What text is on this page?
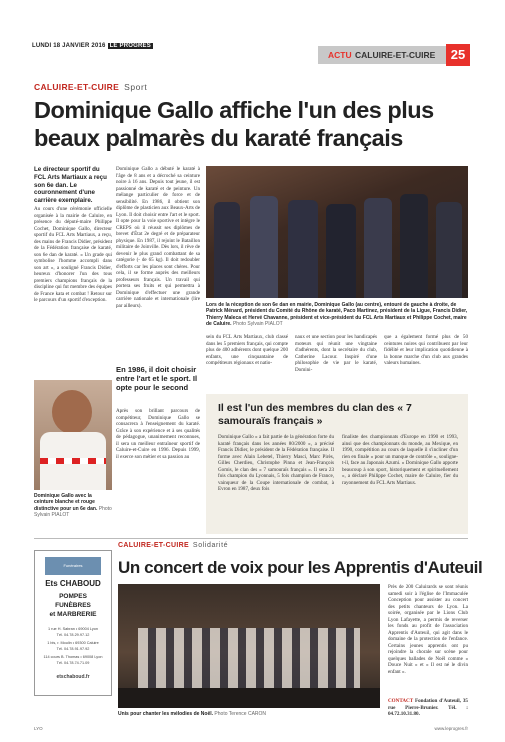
LUNDI 18 JANVIER 2016 LE PROGRÈS
ACTU CALUIRE-ET-CUIRE	25
CALUIRE-ET-CUIRE Sport
Dominique Gallo affiche l'un des plus beaux palmarès du karaté français
Le directeur sportif du FCL Arts Martiaux a reçu son 6e dan. Le couronnement d'une carrière exemplaire.
Au cours d'une cérémonie officielle organisée à la mairie de Caluire, en présence du député-maire Philippe Cochet, Dominique Gallo, directeur sportif du FCL Arts Martiaux, a reçu, des mains de Francis Didier, président de la Fédération française de karaté, son 6e dan de karaté. « Un grade qui symbolise l'homme accompli dans son art », a souligné Francis Didier, heureux d'honorer l'un des tous premiers champions français de la discipline qui fut membre des équipes de France kata et combat ! Retour sur le parcours d'un sportif d'exception.
Dominique Gallo avec la ceinture blanche et rouge distinctive pour un 6e dan. Photo Sylvain PIALOT
Dominique Gallo a débuté le karaté à l'âge de 8 ans et a décroché sa ceinture noire à 16 ans. Depuis tout jeune, il est passionné de karaté et de peinture. Un mélange particulier de force et de sensibilité. En 1986, il obtient son diplôme de plasticien aux Beaux-Arts de Lyon. Il doit choisir entre l'art et le sport. Il opte pour la voie sportive et intègre le CREPS où il réussit ses diplômes de brevet d'État 2e degré et de préparateur physique. En 1987, il rejoint le Bataillon militaire de Joinville. Dès lors, il rêve de devenir le plus grand combattant de sa catégorie (- de 65 kg). Il doit redoubler d'efforts car les places sont chères. Pour cela, il se forme auprès des meilleurs professeurs français. Un travail qui portera ses fruits et qui permettra à Dominique d'effectuer une grande carrière nationale et internationale (lire par ailleurs).
En 1986, il doit choisir entre l'art et le sport. Il opte pour le second
Après son brillant parcours de compétiteur, Dominique Gallo se consacrera à l'enseignement du karaté. Grâce à son expérience et à ses qualités de pédagogue, unanimement reconnues, il sera un meilleur entraîneur sportif de Caluire-et-Cuire en 1996. Depuis 1999, il exerce son métier et sa passion au
Lors de la réception de son 6e dan en mairie, Dominique Gallo (au centre), entouré de gauche à droite, de Patrick Ménard, président du Comité du Rhône de karaté, Paco Martinez, président de la Ligue, Francis Didier, Thierry Maleca et Hervé Chavanne, président et vice-président du FCL Arts Martiaux et Philippe Cochet, maire de Caluire. Photo Sylvain PIALOT
sein du FCL Arts Martiaux, club classé dans les 5 premiers français, qui compte plus de 400 adhérents dont quelque 200 enfants, une cinquantaine de compétiteurs régionaux et natio-
naux et une section pour les handicapés moteurs qui réunit une vingtaine d'adhérents, dont la secrétaire du club, Catherine Lacour. Inspiré d'une philosophie de vie par le karaté, Domini-
que a également formé plus de 50 ceintures noires qui contribuent par leur fidélité et leur implication quotidienne à la bonne marche d'un club aux grandes valeurs humaines.
Il est l'un des membres du clan des « 7 samouraïs français »
Dominique Gallo « a fait partie de la génération forte du karaté français dans les années 80/2000 », a précisé Francis Didier, le président de la Fédération française. Il forme avec Alain Lebetel, Thierry Masci, Marc Pirès, Gilles Cherdieu, Christophe Pinna et Jean-François Gomis, le clan des « 7 samouraïs français ». Il sera 23 fois champion du Lyonnais, 5 fois champion de France, vainqueur de la Coupe internationale de combat, à Evron en 1987, deux fois
finaliste des championnats d'Europe en 1990 et 1993, ainsi que des championnats du monde, au Mexique, en 1990, compétition au cours de laquelle il s'incliner d'un rien en finale « pour un manque de contrôle », souligne-t-il, face au Japonais Azumi. « Dominique Gallo apporte beaucoup à son sport, historiquement et spirituellement », a déclaré Philippe Cochet, maire de Caluire, fier du rayonnement du FCL Arts Martiaux.
Funéraires
Ets CHABOUD
POMPES
FUNÈBRES
et MARBRERIE
1 rue H. Sabran • 69004 Lyon
Tél. 04.78.29.97.12
1 bis, r. Moulin • 69300 Caluire
Tél. 04.78.91.97.92
114 cours B. Thomas • 69008 Lyon
Tél. 04.78.74.71.09
etschaboud.fr
CALUIRE-ET-CUIRE Solidarité
Un concert de voix pour les Apprentis d'Auteuil
Unis pour chanter les mélodies de Noël. Photo Terence CARON
Près de 200 Caluirards se sont réunis samedi soir à l'église de l'Immaculée Conception pour assister au concert des petits chanteurs de Lyon. La soirée, organisée par le Lions Club Lyon Lafayette, a permis de reverser les fonds au profit de l'association Apprentis d'Auteuil, qui agit dans le domaine de la protection de l'enfance. Certains jeunes apprentis ont pu rejoindre la chorale sur scène pour quelques ballades de Noël comme « Douce Nuit » et « Il est né le divin enfant ».
CONTACT Fondation d'Auteuil, 35 rue Pierre-Brunier. Tél. : 04.72.10.31.80.
LYO	www.leprogres.fr
